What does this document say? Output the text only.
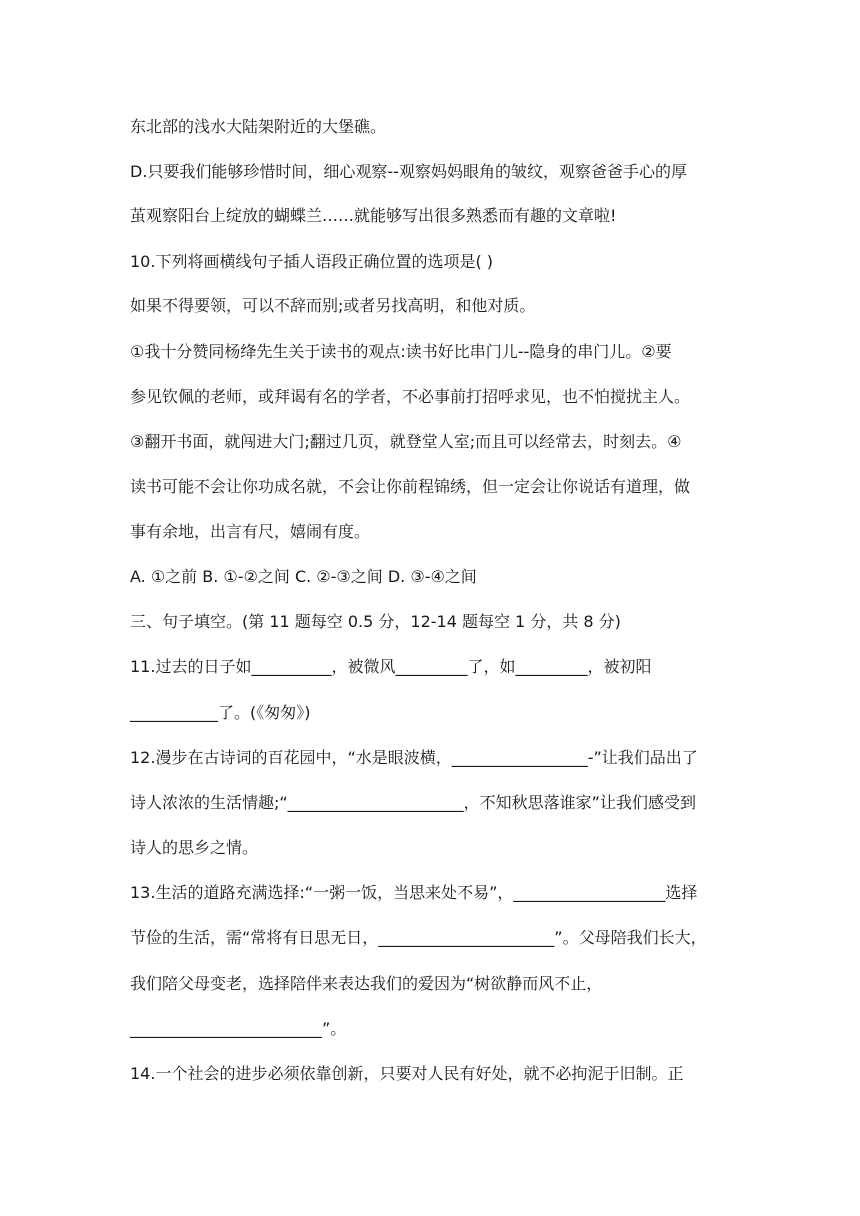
东北部的浅水大陆架附近的大堡礁。

D.只要我们能够珍惜时间，细心观察--观察妈妈眼角的皱纹，观察爸爸手心的厚

茧观察阳台上绽放的蝴蝶兰……就能够写出很多熟悉而有趣的文章啦!

10.下列将画横线句子插人语段正确位置的选项是( )

如果不得要领，可以不辞而别;或者另找高明，和他对质。

①我十分赞同杨绛先生关于读书的观点:读书好比串门儿--隐身的串门儿。②要

参见钦佩的老师，或拜谒有名的学者，不必事前打招呼求见，也不怕搅扰主人。

③翻开书面，就闯进大门;翻过几页，就登堂人室;而且可以经常去，时刻去。④

读书可能不会让你功成名就，不会让你前程锦绣，但一定会让你说话有道理，做

事有余地，出言有尺，嬉闹有度。

A. ①之前 B. ①-②之间 C. ②-③之间 D. ③-④之间

三、句子填空。(第 11 题每空 0.5 分，12-14 题每空 1 分，共 8 分)

11.过去的日子如__________，被微风_________了，如_________，被初阳

___________了。(《匆匆》)

12.漫步在古诗词的百花园中，“水是眼波横，_________________-”让我们品出了

诗人浓浓的生活情趣;“______________________，不知秋思落谁家”让我们感受到

诗人的思乡之情。

13.生活的道路充满选择:“一粥一饭，当思来处不易”，___________________选择

节俭的生活，需“常将有日思无日，______________________”。父母陪我们长大，

我们陪父母变老，选择陪伴来表达我们的爱因为“树欲静而风不止，

________________________”。

14.一个社会的进步必须依靠创新，只要对人民有好处，就不必拘泥于旧制。正
